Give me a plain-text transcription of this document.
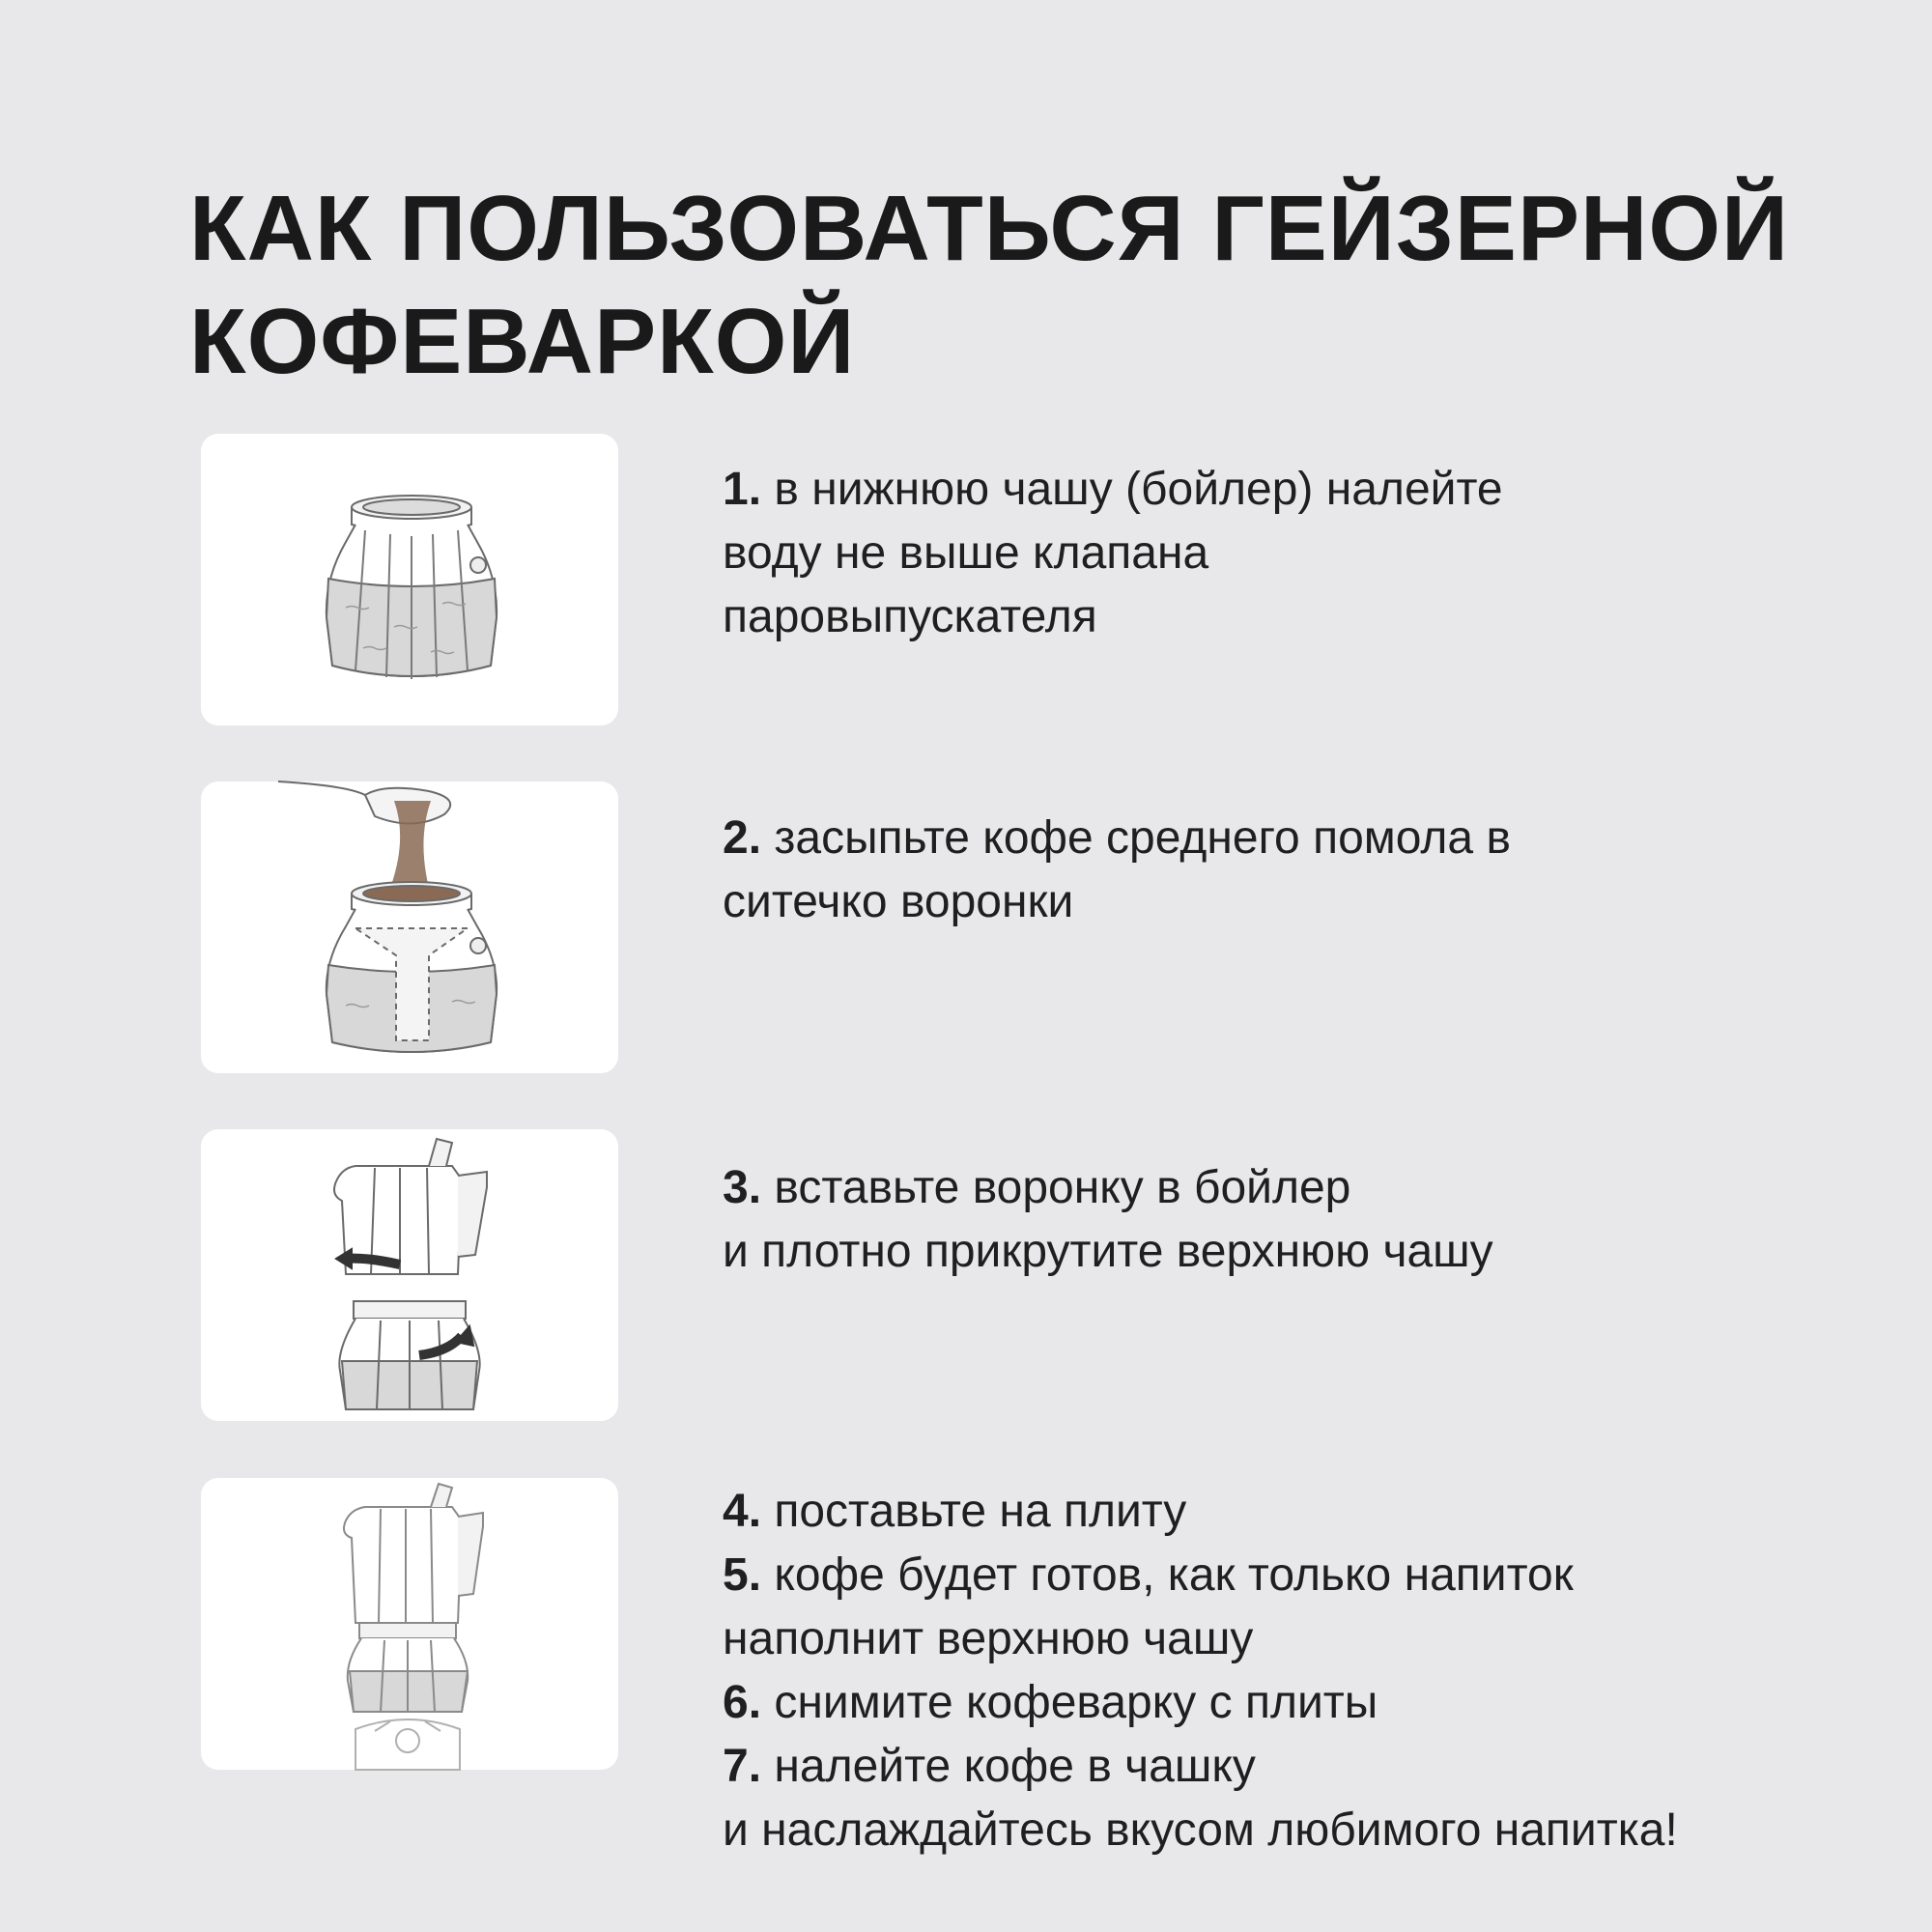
КАК ПОЛЬЗОВАТЬСЯ ГЕЙЗЕРНОЙ
КОФЕВАРКОЙ
1. в нижнюю чашу (бойлер) налейте
воду не выше клапана
паровыпускателя
2. засыпьте кофе среднего помола в
ситечко воронки
3. вставьте воронку в бойлер
и плотно прикрутите верхнюю чашу
4. поставьте на плиту
5. кофе будет готов, как только напиток
наполнит верхнюю чашу
6. снимите кофеварку с плиты
7. налейте кофе в чашку
и наслаждайтесь вкусом любимого напитка!
